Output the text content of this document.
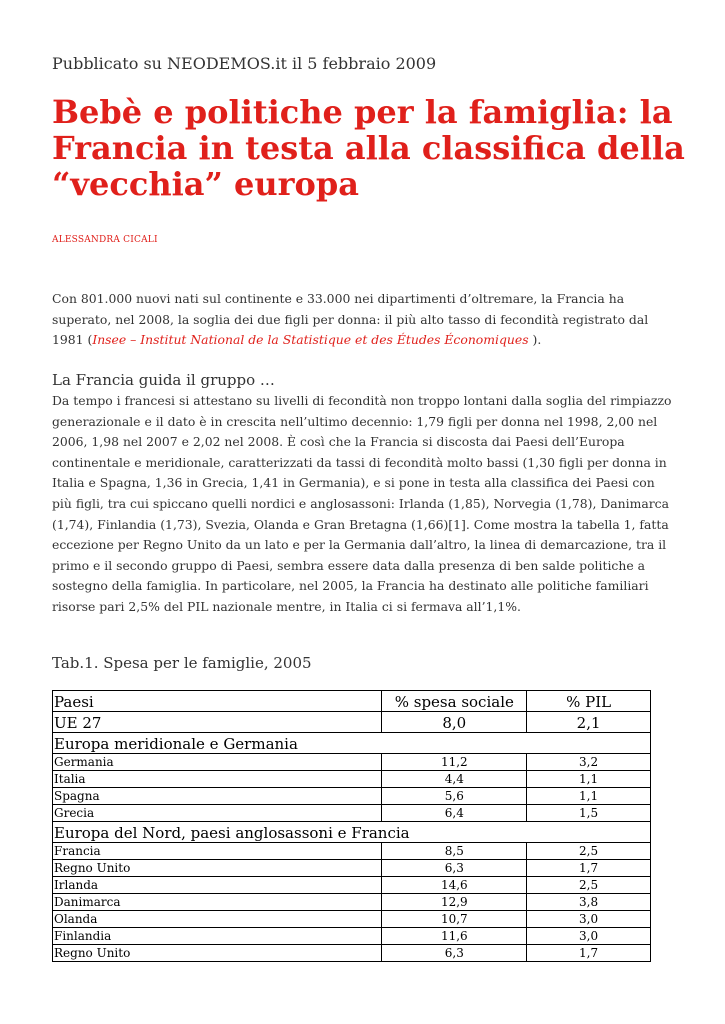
Pubblicato su NEODEMOS.it il 5 febbraio 2009
Bebè e politiche per la famiglia: la Francia in testa alla classifica della “vecchia” europa
ALESSANDRA CICALI

Con 801.000 nuovi nati sul continente e 33.000 nei dipartimenti d’oltremare, la Francia ha superato, nel 2008, la soglia dei due figli per donna: il più alto tasso di fecondità registrato dal 1981 (Insee – Institut National de la Statistique et des Études Économiques ).

La Francia guida il gruppo …

Da tempo i francesi si attestano su livelli di fecondità non troppo lontani dalla soglia del rimpiazzo generazionale e il dato è in crescita nell’ultimo decennio: 1,79 figli per donna nel 1998, 2,00 nel 2006, 1,98 nel 2007 e 2,02 nel 2008. È così che la Francia si discosta dai Paesi dell’Europa continentale e meridionale, caratterizzati da tassi di fecondità molto bassi (1,30 figli per donna in Italia e Spagna, 1,36 in Grecia, 1,41 in Germania), e si pone in testa alla classifica dei Paesi con più figli, tra cui spiccano quelli nordici e anglosassoni: Irlanda (1,85), Norvegia (1,78), Danimarca (1,74), Finlandia (1,73), Svezia, Olanda e Gran Bretagna (1,66)[1]. Come mostra la tabella 1, fatta eccezione per Regno Unito da un lato e per la Germania dall’altro, la linea di demarcazione, tra il primo e il secondo gruppo di Paesi, sembra essere data dalla presenza di ben salde politiche a sostegno della famiglia. In particolare, nel 2005, la Francia ha destinato alle politiche familiari risorse pari 2,5% del PIL nazionale mentre, in Italia ci si fermava all’1,1%.

Tab.1. Spesa per le famiglie, 2005
Paesi	% spesa sociale	% PIL
UE 27	8,0	2,1
Europa meridionale e Germania		
Germania	11,2	3,2
Italia	4,4	1,1
Spagna	5,6	1,1
Grecia	6,4	1,5
Europa del Nord, paesi anglosassoni e Francia		
Francia	8,5	2,5
Regno Unito	6,3	1,7
Irlanda	14,6	2,5
Danimarca	12,9	3,8
Olanda	10,7	3,0
Finlandia	11,6	3,0
Regno Unito	6,3	1,7
